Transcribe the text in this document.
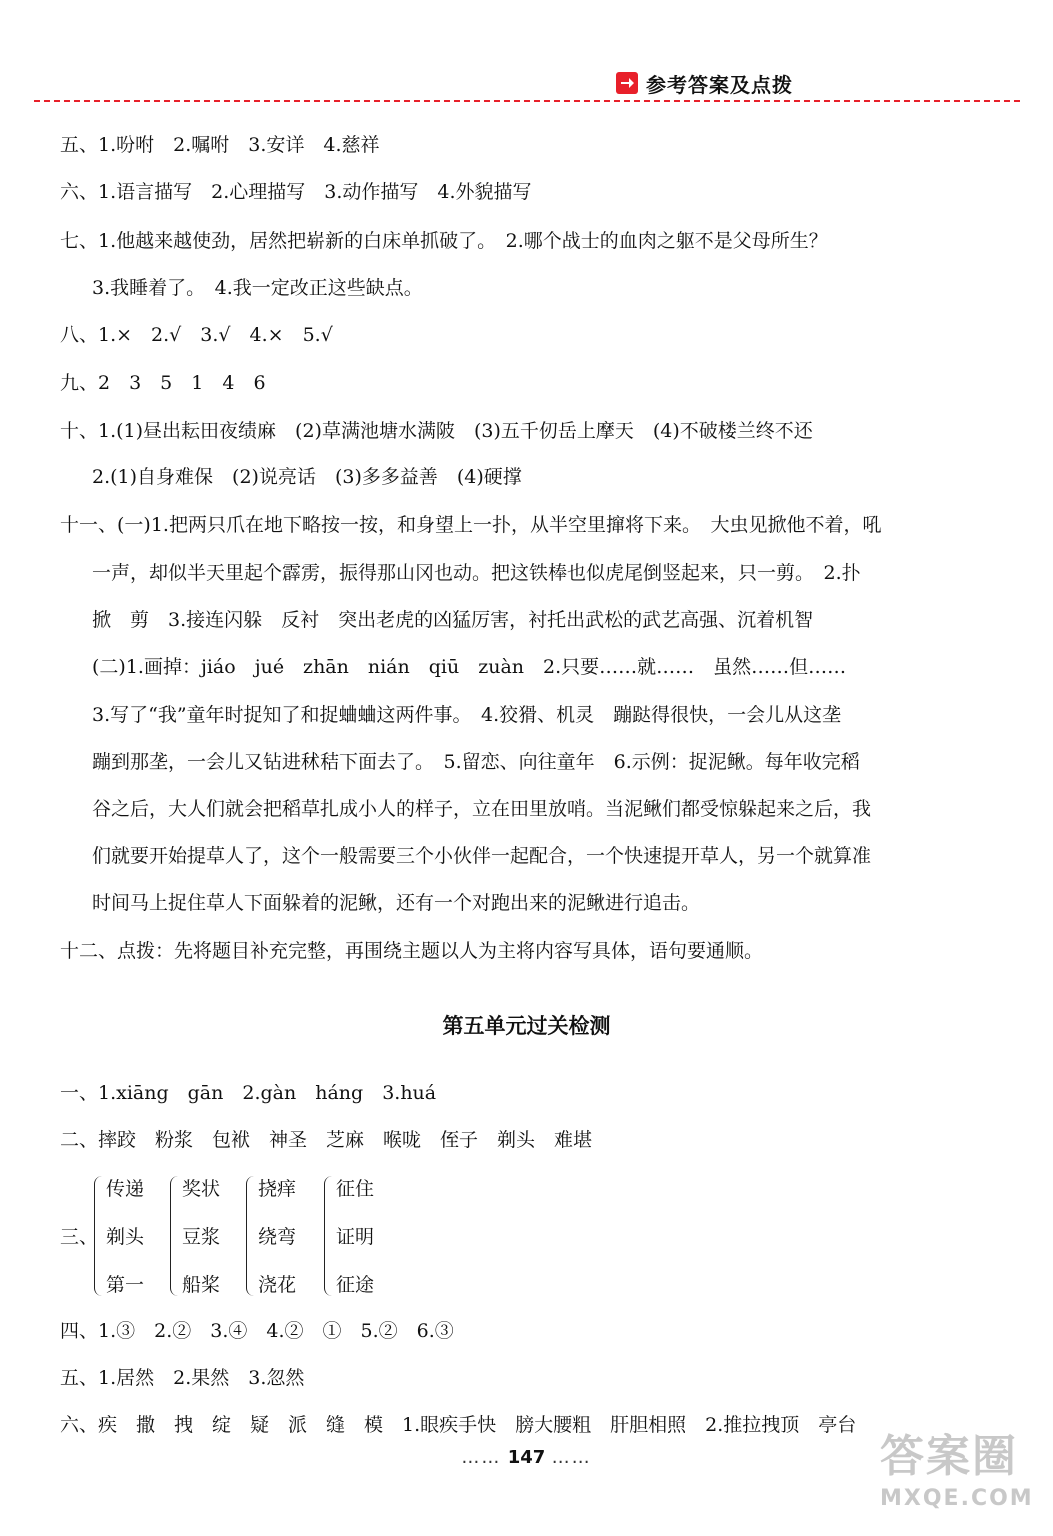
参考答案及点拨
五、1.吩咐　2.嘱咐　3.安详　4.慈祥
六、1.语言描写　2.心理描写　3.动作描写　4.外貌描写
七、1.他越来越使劲，居然把崭新的白床单抓破了。　2.哪个战士的血肉之躯不是父母所生？
3.我睡着了。　4.我一定改正这些缺点。
八、1.×　2.√　3.√　4.×　5.√
九、2　3　5　1　4　6
十、1.(1)昼出耘田夜绩麻　(2)草满池塘水满陂　(3)五千仞岳上摩天　(4)不破楼兰终不还
2.(1)自身难保　(2)说亮话　(3)多多益善　(4)硬撑
十一、(一)1.把两只爪在地下略按一按，和身望上一扑，从半空里撺将下来。　大虫见掀他不着，吼
一声，却似半天里起个霹雳，振得那山冈也动。把这铁棒也似虎尾倒竖起来，只一剪。　2.扑
掀　剪　3.接连闪躲　反衬　突出老虎的凶猛厉害，衬托出武松的武艺高强、沉着机智
(二)1.画掉：jiáo　jué　zhān　nián　qiū　zuàn　2.只要……就……　虽然……但……
3.写了“我”童年时捉知了和捉蛐蛐这两件事。　4.狡猾、机灵　蹦跶得很快，一会儿从这垄
蹦到那垄，一会儿又钻进秫秸下面去了。　5.留恋、向往童年　6.示例：捉泥鳅。每年收完稻
谷之后，大人们就会把稻草扎成小人的样子，立在田里放哨。当泥鳅们都受惊躲起来之后，我
们就要开始提草人了，这个一般需要三个小伙伴一起配合，一个快速提开草人，另一个就算准
时间马上捉住草人下面躲着的泥鳅，还有一个对跑出来的泥鳅进行追击。
十二、点拨：先将题目补充完整，再围绕主题以人为主将内容写具体，语句要通顺。
第五单元过关检测
一、1.xiāng　gān　2.gàn　háng　3.huá
二、摔跤　粉浆　包袱　神圣　芝麻　喉咙　侄子　剃头　难堪
三、
传递
剃头
第一
奖状
豆浆
船桨
挠痒
绕弯
浇花
征住
证明
征途
四、1.③　2.②　3.④　4.②　①　5.②　6.③
五、1.居然　2.果然　3.忽然
六、疾　撒　拽　绽　疑　派　缝　模　1.眼疾手快　膀大腰粗　肝胆相照　2.推拉拽顶　亭台
…… 147 ……	答案圈
MXQE.COM
